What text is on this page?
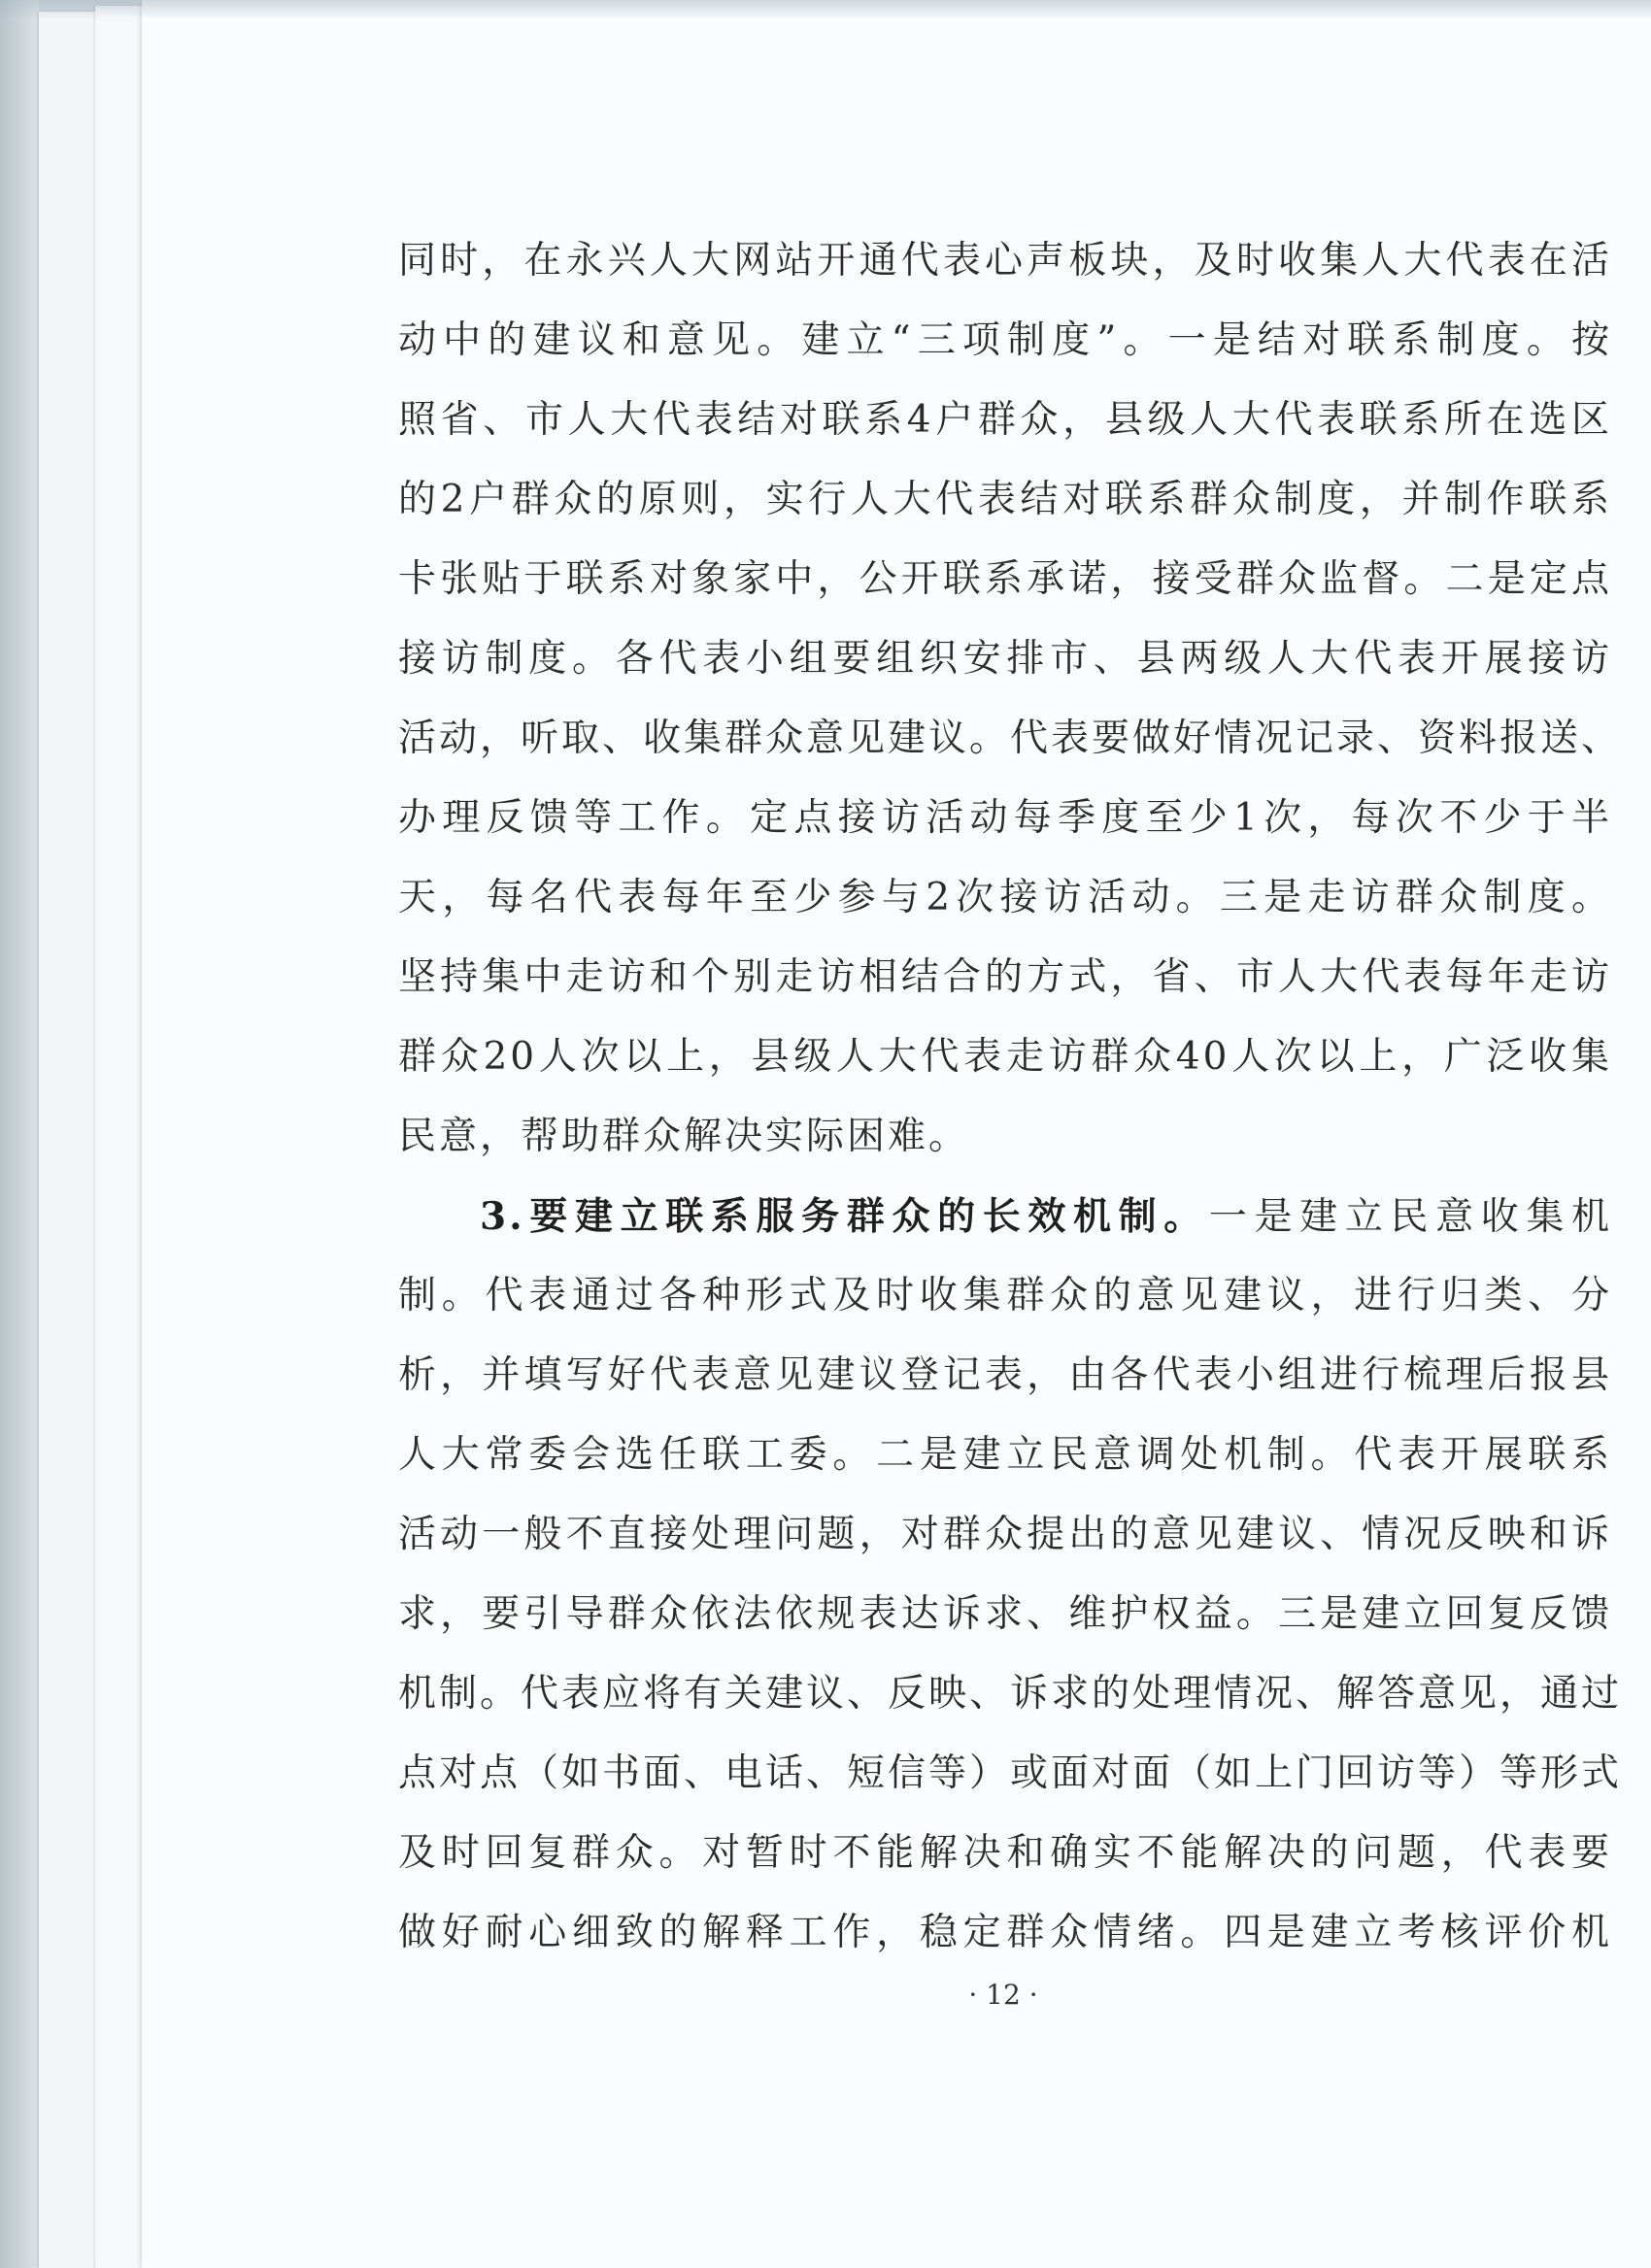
同时，在永兴人大网站开通代表心声板块，及时收集人大代表在活
动中的建议和意见。建立“三项制度”。一是结对联系制度。按
照省、市人大代表结对联系4户群众，县级人大代表联系所在选区
的2户群众的原则，实行人大代表结对联系群众制度，并制作联系
卡张贴于联系对象家中，公开联系承诺，接受群众监督。二是定点
接访制度。各代表小组要组织安排市、县两级人大代表开展接访
活动，听取、收集群众意见建议。代表要做好情况记录、资料报送、
办理反馈等工作。定点接访活动每季度至少1次，每次不少于半
天，每名代表每年至少参与2次接访活动。三是走访群众制度。
坚持集中走访和个别走访相结合的方式，省、市人大代表每年走访
群众20人次以上，县级人大代表走访群众40人次以上，广泛收集
民意，帮助群众解决实际困难。
3.要建立联系服务群众的长效机制。一是建立民意收集机
制。代表通过各种形式及时收集群众的意见建议，进行归类、分
析，并填写好代表意见建议登记表，由各代表小组进行梳理后报县
人大常委会选任联工委。二是建立民意调处机制。代表开展联系
活动一般不直接处理问题，对群众提出的意见建议、情况反映和诉
求，要引导群众依法依规表达诉求、维护权益。三是建立回复反馈
机制。代表应将有关建议、反映、诉求的处理情况、解答意见，通过
点对点（如书面、电话、短信等）或面对面（如上门回访等）等形式
及时回复群众。对暂时不能解决和确实不能解决的问题，代表要
做好耐心细致的解释工作，稳定群众情绪。四是建立考核评价机
· 12 ·
